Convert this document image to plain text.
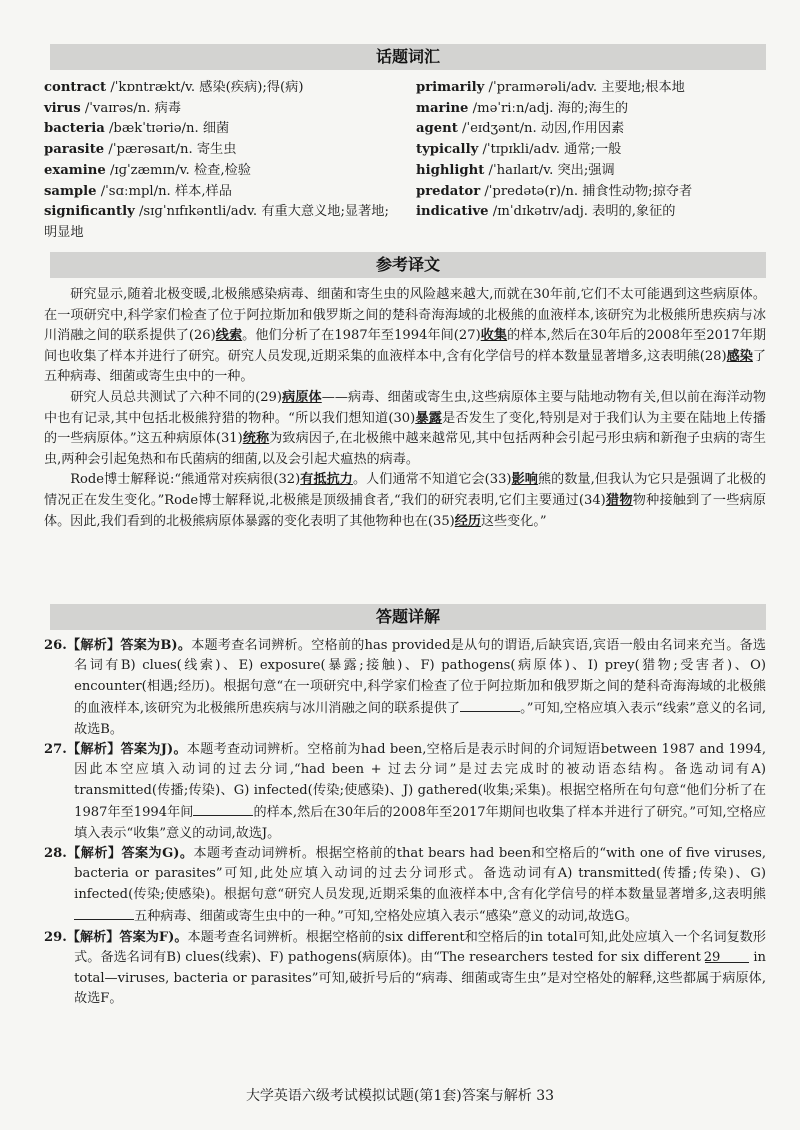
话题词汇
contract /ˈkɒntrækt/v. 感染(疾病);得(病)
virus /ˈvaɪrəs/n. 病毒
bacteria /bækˈtɪəriə/n. 细菌
parasite /ˈpærəsaɪt/n. 寄生虫
examine /ɪɡˈzæmɪn/v. 检查,检验
sample /ˈsɑːmpl/n. 样本,样品
significantly /sɪɡˈnɪfɪkəntli/adv. 有重大意义地;显著地;明显地
primarily /ˈpraɪmərəli/adv. 主要地;根本地
marine /məˈriːn/adj. 海的;海生的
agent /ˈeɪdʒənt/n. 动因,作用因素
typically /ˈtɪpɪkli/adv. 通常;一般
highlight /ˈhaɪlaɪt/v. 突出;强调
predator /ˈpredətə(r)/n. 捕食性动物;掠夺者
indicative /ɪnˈdɪkətɪv/adj. 表明的,象征的
参考译文

研究显示,随着北极变暖,北极熊感染病毒、细菌和寄生虫的风险越来越大,而就在30年前,它们不太可能遇到这些病原体。在一项研究中,科学家们检查了位于阿拉斯加和俄罗斯之间的楚科奇海海域的北极熊的血液样本,该研究为北极熊所患疾病与冰川消融之间的联系提供了(26)线索。他们分析了在1987年至1994年间(27)收集的样本,然后在30年后的2008年至2017年期间也收集了样本并进行了研究。研究人员发现,近期采集的血液样本中,含有化学信号的样本数量显著增多,这表明熊(28)感染了五种病毒、细菌或寄生虫中的一种。

研究人员总共测试了六种不同的(29)病原体——病毒、细菌或寄生虫,这些病原体主要与陆地动物有关,但以前在海洋动物中也有记录,其中包括北极熊狩猎的物种。“所以我们想知道(30)暴露是否发生了变化,特别是对于我们认为主要在陆地上传播的一些病原体。”这五种病原体(31)统称为致病因子,在北极熊中越来越常见,其中包括两种会引起弓形虫病和新孢子虫病的寄生虫,两种会引起兔热和布氏菌病的细菌,以及会引起犬瘟热的病毒。

Rode博士解释说:“熊通常对疾病很(32)有抵抗力。人们通常不知道它会(33)影响熊的数量,但我认为它只是强调了北极的情况正在发生变化。”Rode博士解释说,北极熊是顶级捕食者,“我们的研究表明,它们主要通过(34)猎物物种接触到了一些病原体。因此,我们看到的北极熊病原体暴露的变化表明了其他物种也在(35)经历这些变化。”

答题详解

26.【解析】答案为B)。本题考查名词辨析。空格前的has provided是从句的谓语,后缺宾语,宾语一般由名词来充当。备选名词有B) clues(线索)、E) exposure(暴露;接触)、F) pathogens(病原体)、I) prey(猎物;受害者)、O) encounter(相遇;经历)。根据句意“在一项研究中,科学家们检查了位于阿拉斯加和俄罗斯之间的楚科奇海海域的北极熊的血液样本,该研究为北极熊所患疾病与冰川消融之间的联系提供了	。”可知,空格应填入表示“线索”意义的名词,故选B。

27.【解析】答案为J)。本题考查动词辨析。空格前为had been,空格后是表示时间的介词短语between 1987 and 1994,因此本空应填入动词的过去分词,“had been + 过去分词”是过去完成时的被动语态结构。备选动词有A) transmitted(传播;传染)、G) infected(传染;使感染)、J) gathered(收集;采集)。根据空格所在句句意“他们分析了在1987年至1994年间	的样本,然后在30年后的2008年至2017年期间也收集了样本并进行了研究。”可知,空格应填入表示“收集”意义的动词,故选J。

28.【解析】答案为G)。本题考查动词辨析。根据空格前的that bears had been和空格后的“with one of five viruses, bacteria or parasites”可知,此处应填入动词的过去分词形式。备选动词有A) transmitted(传播;传染)、G) infected(传染;使感染)。根据句意“研究人员发现,近期采集的血液样本中,含有化学信号的样本数量显著增多,这表明熊五种病毒、细菌或寄生虫中的一种。”可知,空格处应填入表示“感染”意义的动词,故选G。

29.【解析】答案为F)。本题考查名词辨析。根据空格前的six different和空格后的in total可知,此处应填入一个名词复数形式。备选名词有B) clues(线索)、F) pathogens(病原体)。由“The researchers tested for six different 29 in total—viruses, bacteria or parasites”可知,破折号后的“病毒、细菌或寄生虫”是对空格处的解释,这些都属于病原体,故选F。

大学英语六级考试模拟试题(第1套)答案与解析 33
